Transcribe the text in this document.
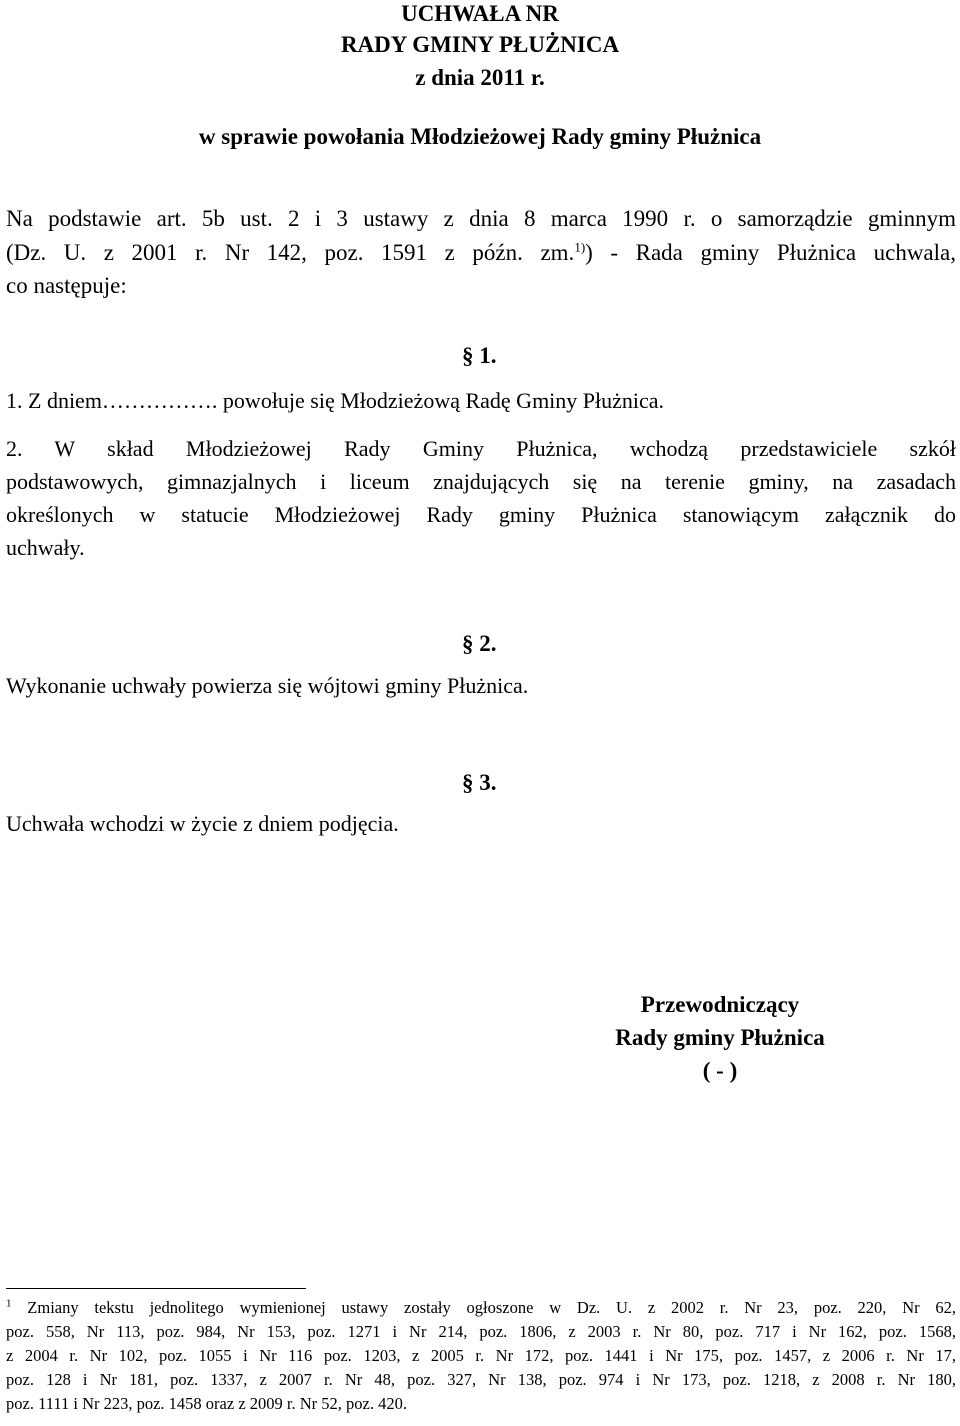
UCHWAŁA NR
RADY GMINY PŁUŻNICA
z dnia 2011 r.
w sprawie powołania Młodzieżowej Rady gminy Płużnica
Na podstawie art. 5b ust. 2 i 3 ustawy z dnia 8 marca 1990 r. o samorządzie gminnym
(Dz. U. z 2001 r. Nr 142, poz. 1591 z późn. zm.$^{1)}$) - Rada gminy Płużnica uchwala,
co następuje:
§ 1.
1. Z dniem……………. powołuje się Młodzieżową Radę Gminy Płużnica.
2. W skład Młodzieżowej Rady Gminy Płużnica, wchodzą przedstawiciele szkół
podstawowych, gimnazjalnych i liceum znajdujących się na terenie gminy, na zasadach
określonych w statucie Młodzieżowej Rady gminy Płużnica stanowiącym załącznik do
uchwały.
§ 2.
Wykonanie uchwały powierza się wójtowi gminy Płużnica.
§ 3.
Uchwała wchodzi w życie z dniem podjęcia.
Przewodniczący
Rady gminy Płużnica
( - )
$^1$ Zmiany tekstu jednolitego wymienionej ustawy zostały ogłoszone w Dz. U. z 2002 r. Nr 23, poz. 220, Nr 62,
poz. 558, Nr 113, poz. 984, Nr 153, poz. 1271 i Nr 214, poz. 1806, z 2003 r. Nr 80, poz. 717 i Nr 162, poz. 1568,
z 2004 r. Nr 102, poz. 1055 i Nr 116 poz. 1203, z 2005 r. Nr 172, poz. 1441 i Nr 175, poz. 1457, z 2006 r. Nr 17,
poz. 128 i Nr 181, poz. 1337, z 2007 r. Nr 48, poz. 327, Nr 138, poz. 974 i Nr 173, poz. 1218, z 2008 r. Nr 180,
poz. 1111 i Nr 223, poz. 1458 oraz z 2009 r. Nr 52, poz. 420.
